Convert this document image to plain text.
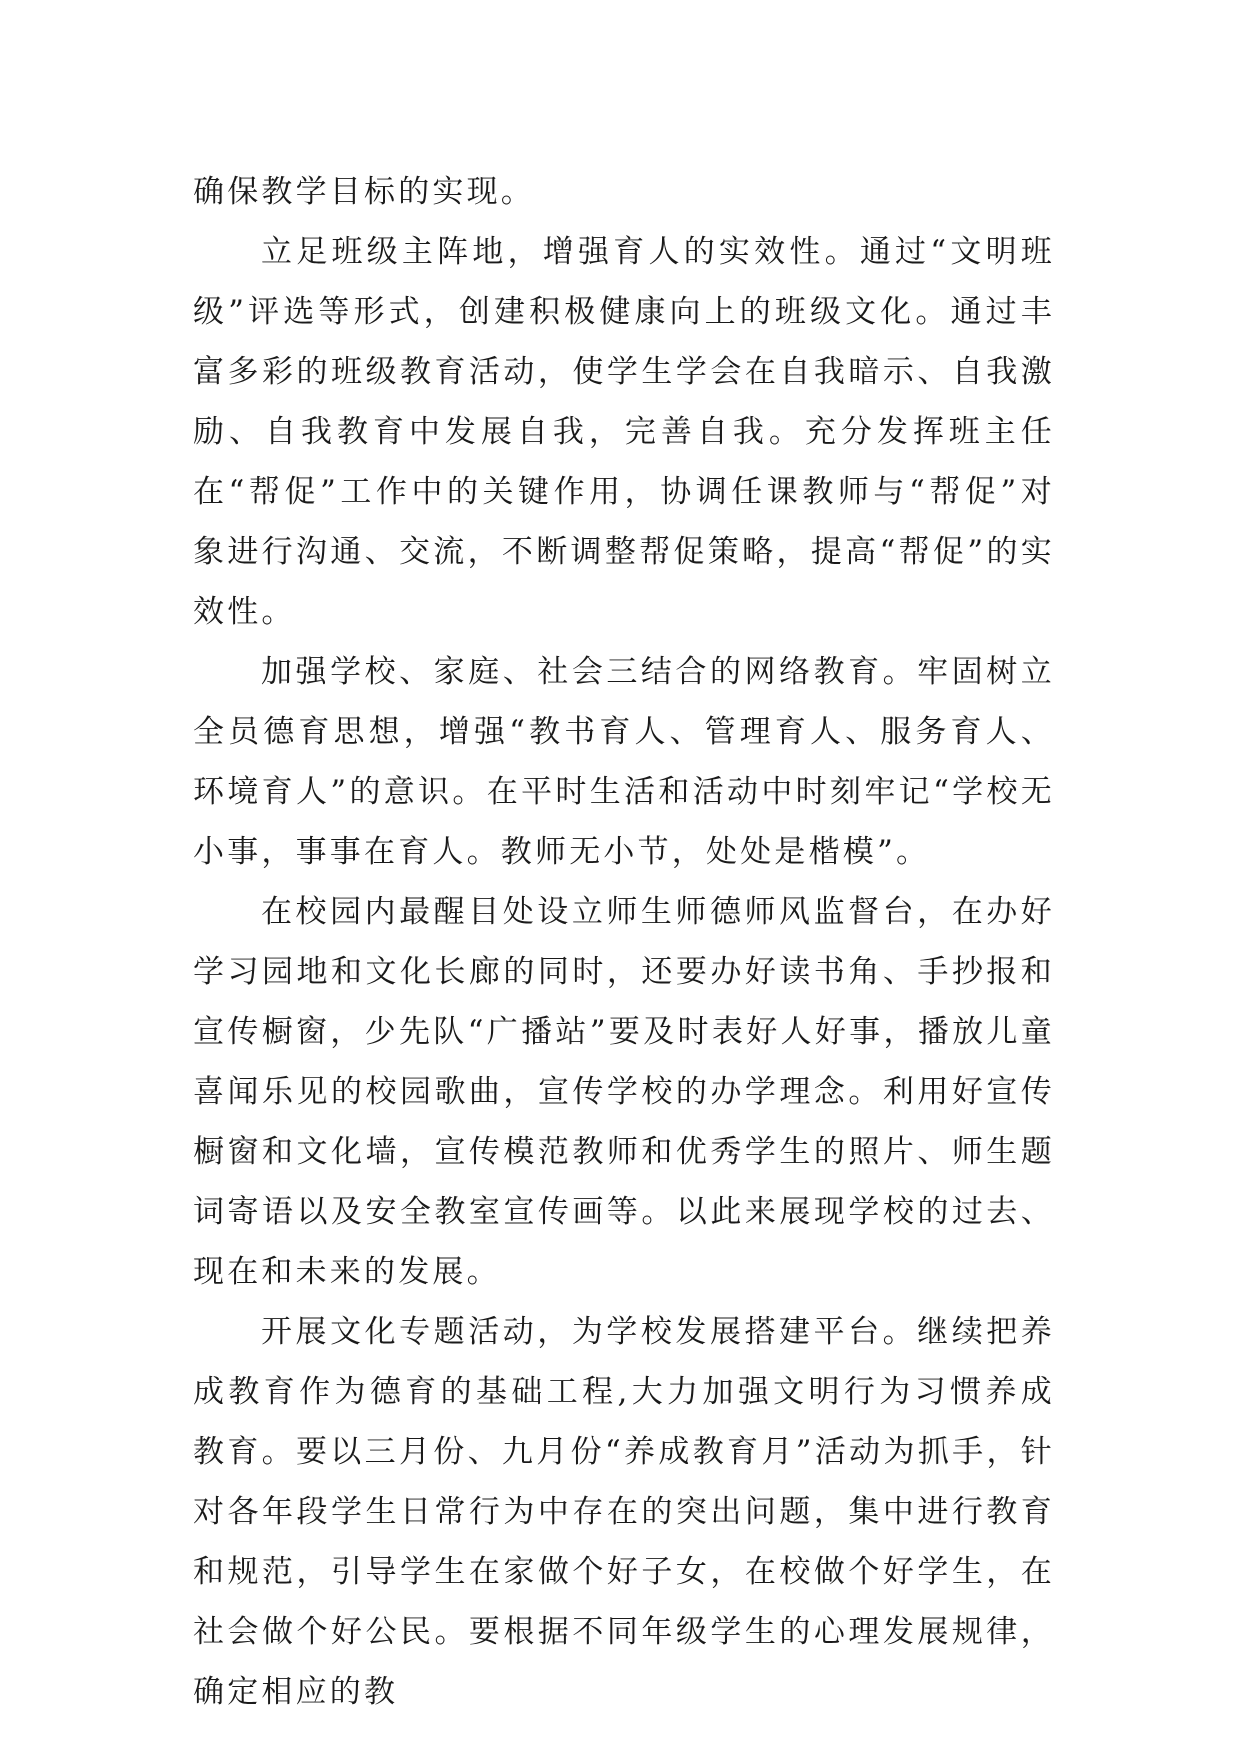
确保教学目标的实现。

立足班级主阵地，增强育人的实效性。通过“文明班级”评选等形式，创建积极健康向上的班级文化。通过丰富多彩的班级教育活动，使学生学会在自我暗示、自我激励、自我教育中发展自我，完善自我。充分发挥班主任在“帮促”工作中的关键作用，协调任课教师与“帮促”对象进行沟通、交流，不断调整帮促策略，提高“帮促”的实效性。

加强学校、家庭、社会三结合的网络教育。牢固树立全员德育思想，增强“教书育人、管理育人、服务育人、环境育人”的意识。在平时生活和活动中时刻牢记“学校无小事，事事在育人。教师无小节，处处是楷模”。

在校园内最醒目处设立师生师德师风监督台，在办好学习园地和文化长廊的同时，还要办好读书角、手抄报和宣传橱窗，少先队“广播站”要及时表好人好事，播放儿童喜闻乐见的校园歌曲，宣传学校的办学理念。利用好宣传橱窗和文化墙，宣传模范教师和优秀学生的照片、师生题词寄语以及安全教室宣传画等。以此来展现学校的过去、现在和未来的发展。

开展文化专题活动，为学校发展搭建平台。继续把养成教育作为德育的基础工程,大力加强文明行为习惯养成教育。要以三月份、九月份“养成教育月”活动为抓手，针对各年段学生日常行为中存在的突出问题，集中进行教育和规范，引导学生在家做个好子女，在校做个好学生，在社会做个好公民。要根据不同年级学生的心理发展规律，确定相应的教
